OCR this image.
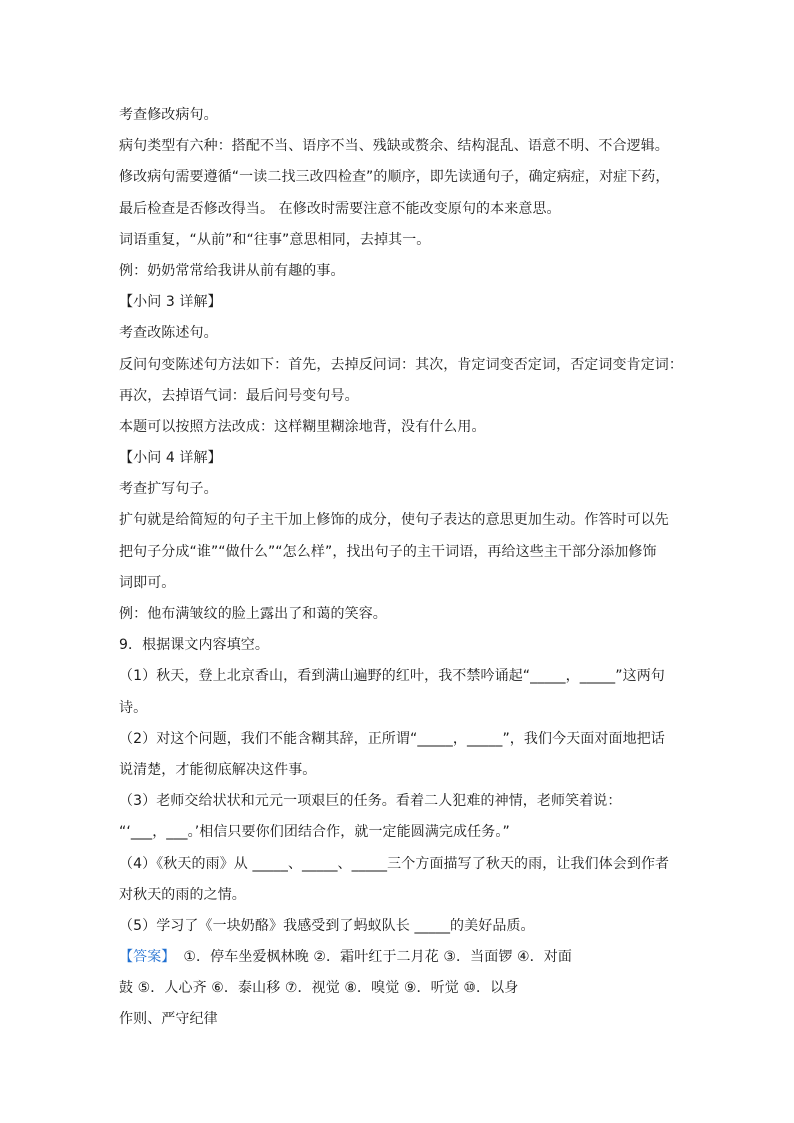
考查修改病句。
病句类型有六种：搭配不当、语序不当、残缺或赘余、结构混乱、语意不明、不合逻辑。
修改病句需要遵循“一读二找三改四检查”的顺序，即先读通句子，确定病症，对症下药，
最后检查是否修改得当。 在修改时需要注意不能改变原句的本来意思。
词语重复，“从前”和“往事”意思相同，去掉其一。
例：奶奶常常给我讲从前有趣的事。
【小问 3 详解】
考查改陈述句。
反问句变陈述句方法如下：首先，去掉反问词：其次，肯定词变否定词，否定词变肯定词：
再次，去掉语气词：最后问号变句号。
本题可以按照方法改成：这样糊里糊涂地背，没有什么用。
【小问 4 详解】
考查扩写句子。
扩句就是给简短的句子主干加上修饰的成分，使句子表达的意思更加生动。作答时可以先
把句子分成“谁”“做什么”“怎么样”，找出句子的主干词语，再给这些主干部分添加修饰
词即可。
例：他布满皱纹的脸上露出了和蔼的笑容。
9．根据课文内容填空。
（1）秋天，登上北京香山，看到满山遍野的红叶，我不禁吟诵起“_____，_____”这两句
诗。
（2）对这个问题，我们不能含糊其辞，正所谓“_____，_____”，我们今天面对面地把话
说清楚，才能彻底解决这件事。
（3）老师交给状状和元元一项艰巨的任务。看着二人犯难的神情，老师笑着说：
“‘___，___。’相信只要你们团结合作，就一定能圆满完成任务。”
（4）《秋天的雨》从 _____、_____、_____三个方面描写了秋天的雨，让我们体会到作者
对秋天的雨的之情。
（5）学习了《一块奶酪》我感受到了蚂蚁队长 _____的美好品质。
【答案】 ①．停车坐爱枫林晚 ②．霜叶红于二月花 ③．当面锣 ④．对面
鼓 ⑤．人心齐 ⑥．泰山移 ⑦．视觉 ⑧．嗅觉 ⑨．听觉 ⑩．以身
作则、严守纪律
